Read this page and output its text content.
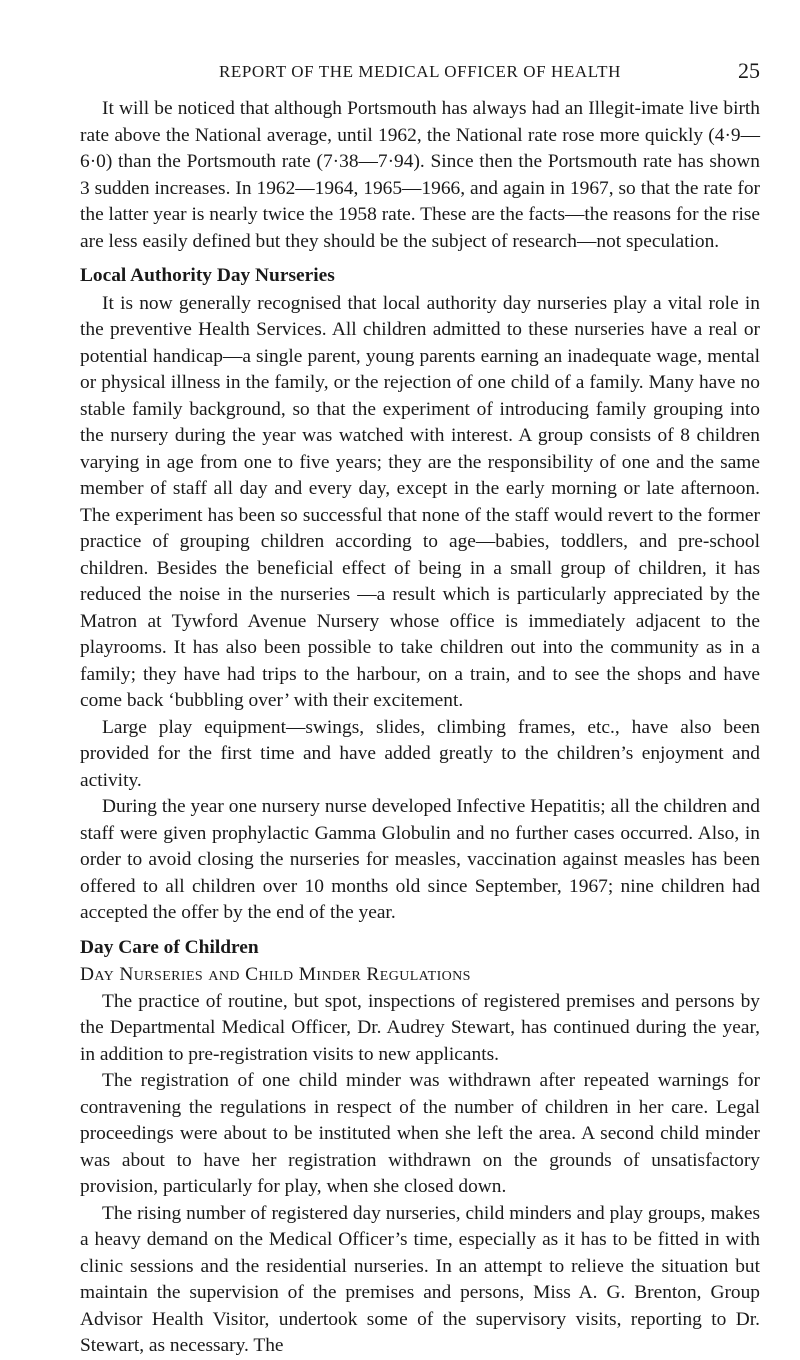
REPORT OF THE MEDICAL OFFICER OF HEALTH	25

It will be noticed that although Portsmouth has always had an Illegit-imate live birth rate above the National average, until 1962, the National rate rose more quickly (4·9—6·0) than the Portsmouth rate (7·38—7·94). Since then the Portsmouth rate has shown 3 sudden increases. In 1962—1964, 1965—1966, and again in 1967, so that the rate for the latter year is nearly twice the 1958 rate. These are the facts—the reasons for the rise are less easily defined but they should be the subject of research—not speculation.

Local Authority Day Nurseries

It is now generally recognised that local authority day nurseries play a vital role in the preventive Health Services. All children admitted to these nurseries have a real or potential handicap—a single parent, young parents earning an inadequate wage, mental or physical illness in the family, or the rejection of one child of a family. Many have no stable family background, so that the experiment of introducing family grouping into the nursery during the year was watched with interest. A group consists of 8 children varying in age from one to five years; they are the responsibility of one and the same member of staff all day and every day, except in the early morning or late afternoon. The experiment has been so successful that none of the staff would revert to the former practice of grouping children according to age—babies, toddlers, and pre-school children. Besides the beneficial effect of being in a small group of children, it has reduced the noise in the nurseries —a result which is particularly appreciated by the Matron at Tywford Avenue Nursery whose office is immediately adjacent to the playrooms. It has also been possible to take children out into the community as in a family; they have had trips to the harbour, on a train, and to see the shops and have come back ‘bubbling over’ with their excitement.

Large play equipment—swings, slides, climbing frames, etc., have also been provided for the first time and have added greatly to the children’s enjoyment and activity.

During the year one nursery nurse developed Infective Hepatitis; all the children and staff were given prophylactic Gamma Globulin and no further cases occurred. Also, in order to avoid closing the nurseries for measles, vaccination against measles has been offered to all children over 10 months old since September, 1967; nine children had accepted the offer by the end of the year.

Day Care of Children
Day Nurseries and Child Minder Regulations

The practice of routine, but spot, inspections of registered premises and persons by the Departmental Medical Officer, Dr. Audrey Stewart, has continued during the year, in addition to pre-registration visits to new applicants.

The registration of one child minder was withdrawn after repeated warnings for contravening the regulations in respect of the number of children in her care. Legal proceedings were about to be instituted when she left the area. A second child minder was about to have her registration withdrawn on the grounds of unsatisfactory provision, particularly for play, when she closed down.

The rising number of registered day nurseries, child minders and play groups, makes a heavy demand on the Medical Officer’s time, especially as it has to be fitted in with clinic sessions and the residential nurseries. In an attempt to relieve the situation but maintain the supervision of the premises and persons, Miss A. G. Brenton, Group Advisor Health Visitor, undertook some of the supervisory visits, reporting to Dr. Stewart, as necessary. The
